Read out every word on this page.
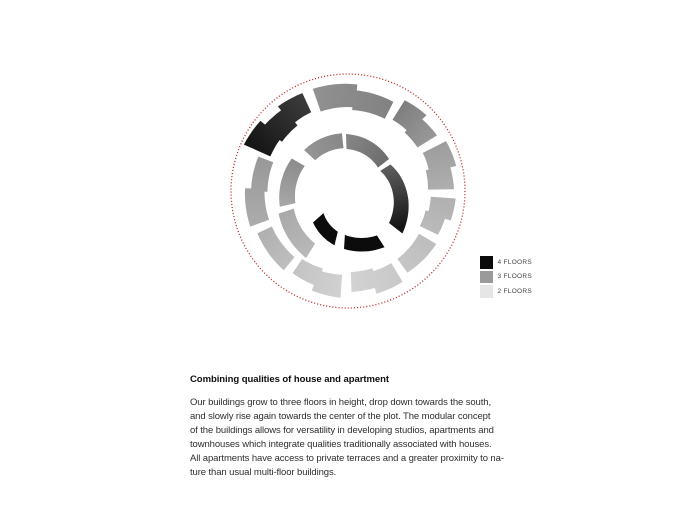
4 FLOORS
3 FLOORS
2 FLOORS
Combining qualities of house and apartment
Our buildings grow to three floors in height, drop down towards the south,
and slowly rise again towards the center of the plot. The modular concept
of the buildings allows for versatility in developing studios, apartments and
townhouses which integrate qualities traditionally associated with houses.
All apartments have access to private terraces and a greater proximity to na-
ture than usual multi-floor buildings.
